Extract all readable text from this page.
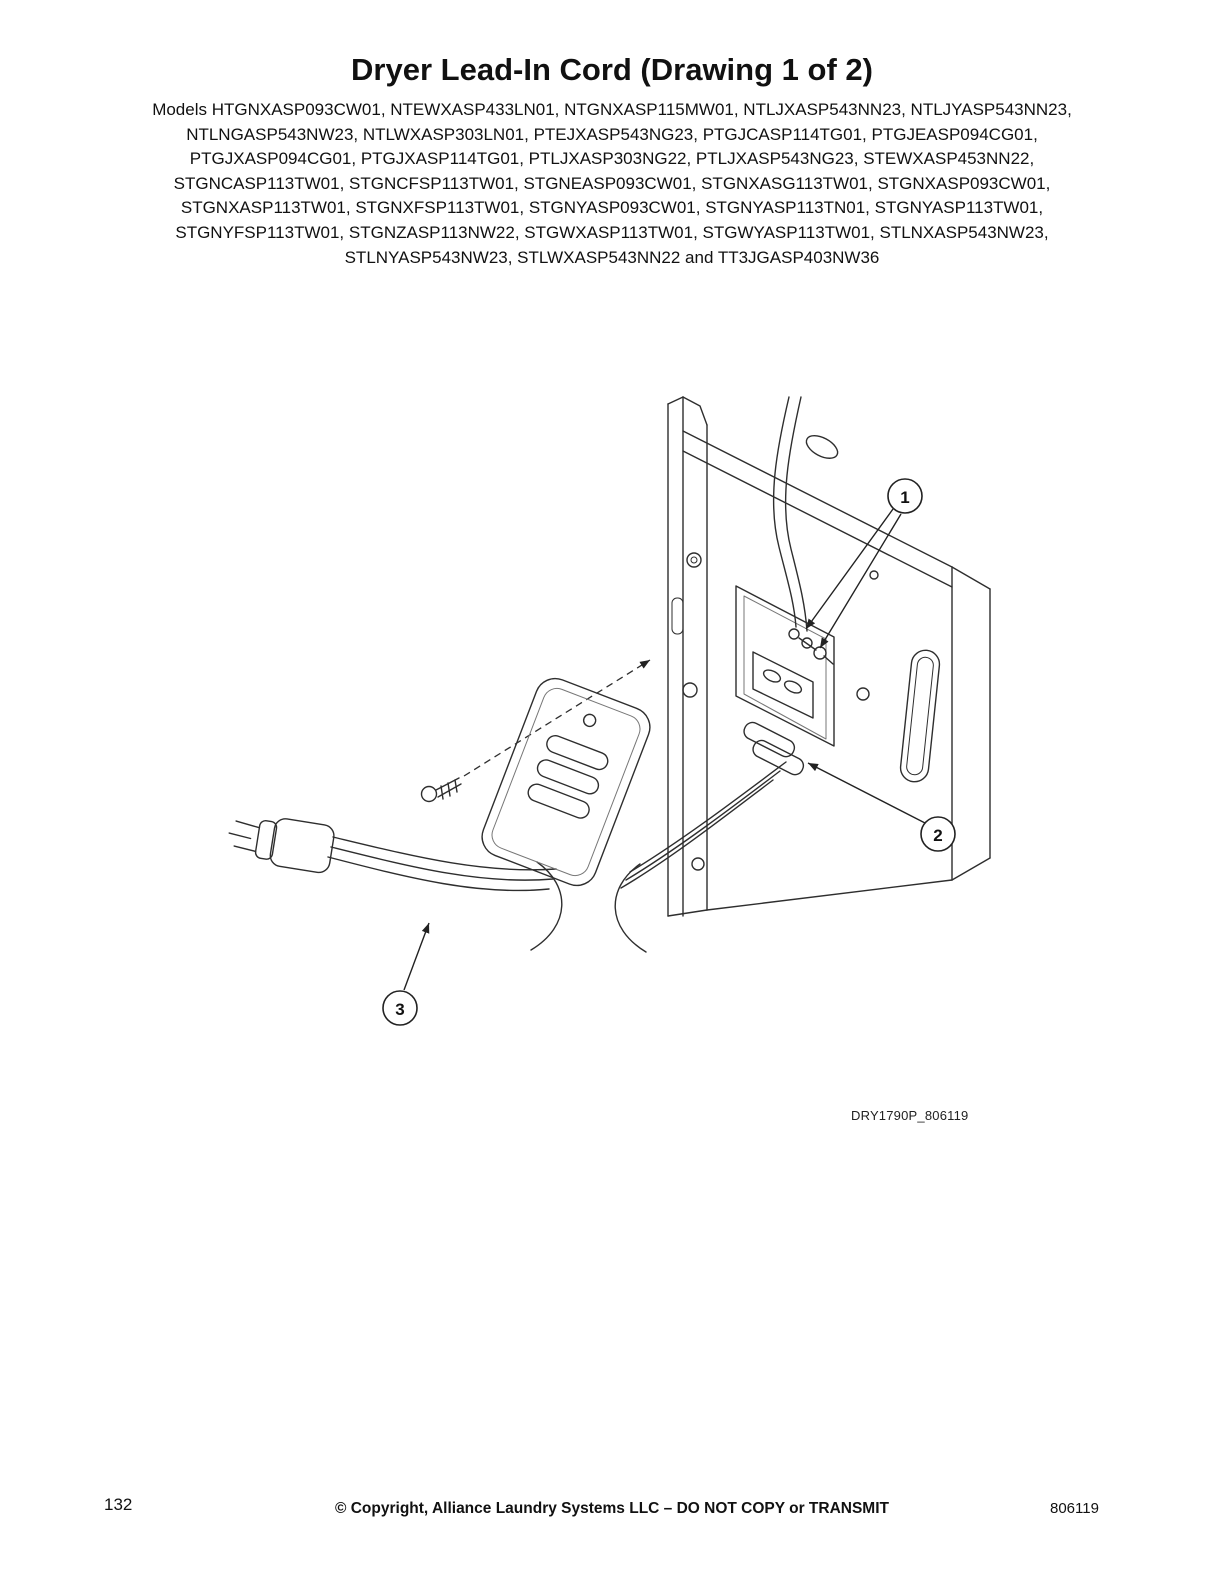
Dryer Lead-In Cord (Drawing 1 of 2)
Models HTGNXASP093CW01, NTEWXASP433LN01, NTGNXASP115MW01, NTLJXASP543NN23, NTLJYASP543NN23,
NTLNGASP543NW23, NTLWXASP303LN01, PTEJXASP543NG23, PTGJCASP114TG01, PTGJEASP094CG01,
PTGJXASP094CG01, PTGJXASP114TG01, PTLJXASP303NG22, PTLJXASP543NG23, STEWXASP453NN22,
STGNCASP113TW01, STGNCFSP113TW01, STGNEASP093CW01, STGNXASG113TW01, STGNXASP093CW01,
STGNXASP113TW01, STGNXFSP113TW01, STGNYASP093CW01, STGNYASP113TN01, STGNYASP113TW01,
STGNYFSP113TW01, STGNZASP113NW22, STGWXASP113TW01, STGWYASP113TW01, STLNXASP543NW23,
STLNYASP543NW23, STLWXASP543NN22 and TT3JGASP403NW36
1
2
3
DRY1790P_806119
132	© Copyright, Alliance Laundry Systems LLC – DO NOT COPY or TRANSMIT	806119
